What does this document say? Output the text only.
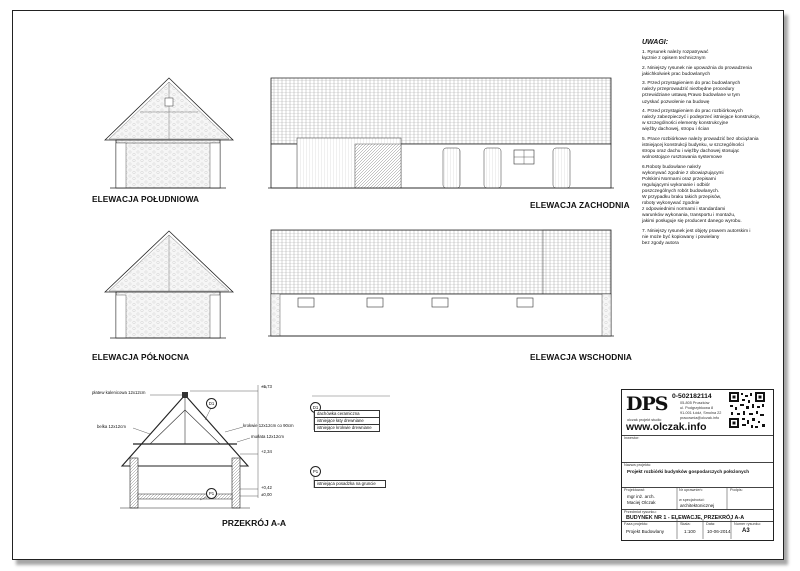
ELEWACJA POŁUDNIOWA
ELEWACJA ZACHODNIA
ELEWACJA PÓŁNOCNA	ELEWACJA WSCHODNIA
PRZEKRÓJ A-A
płatew kalenicowa 12x12cm
belka 12x12cm	krokwie 12x12cm co 90cm
murłata 12x12cm
+5,73
+2,34
+0,42
±0,00
D1
P1
D1
dachówka ceramiczna
istniejące łaty drewniane
istniejące krokwie drewniane
P1
istniejąca posadzka na gruncie
UWAGI:
1. Rysunek należy rozpatrywać
łącznie z opisem technicznym
2. Niniejszy rysunek nie upoważnia do prowadzenia
jakichkolwiek prac budowlanych
3. Przed przystąpieniem do prac budowlanych
należy przeprowadzić niezbędne procedury
przewidziane ustawą Prawo budowlane w tym
uzyskać pozwolenie na budowę
4. Przed przystąpieniem do prac rozbiórkowych
należy zabezpieczyć i podeprzeć istniejące konstrukcje,
w szczególności elementy konstrukcyjne
więźby dachowej, stropu i ścian
5. Prace rozbiórkowe należy prowadzić bez obciążania
istniejącej konstrukcji budynku, w szczególności
stropu oraz dachu i więźby dachowej stosując
wolnostojące rusztowania systemowe
6.Roboty budowlane należy
wykonywać zgodnie z obowiązującymi
Polskimi Normami oraz przepisami
regulującymi wykonanie i odbiór
poszczególnych robót budowlanych.
W przypadku braku takich przepisów,
roboty wykonywać zgodnie
z odpowiednimi normami i standardami
warunków wykonania, transportu i montażu,
jakimi posługuje się producent danego wyrobu.
7. Niniejszy rysunek jest objęty prawem autorskim i
nie może być kopiowany i powielany
bez zgody autora
DPS
olczak projekt studio
0-502182114
05-805 Pruszków
ul. Podgrzybkowa 8
91-001 Łódź, Smolna 22
pracownia@olczak.info
www.olczak.info
Inwestor:
Nazwa projektu:
Projekt rozbiórki budynków gospodarczych położonych
Projektował:
mgr inż. arch.
Maciej Olczak
Nr uprawnień:
w specjalności:
architektonicznej
Podpis:
Przedmiot rysunku:
BUDYNEK NR 1 - ELEWACJE, PRZEKRÓJ A-A
Faza projektu:
Projekt Budowlany
Skala:
1:100
Data:
10-06-2014
Numer rysunku:
A3
